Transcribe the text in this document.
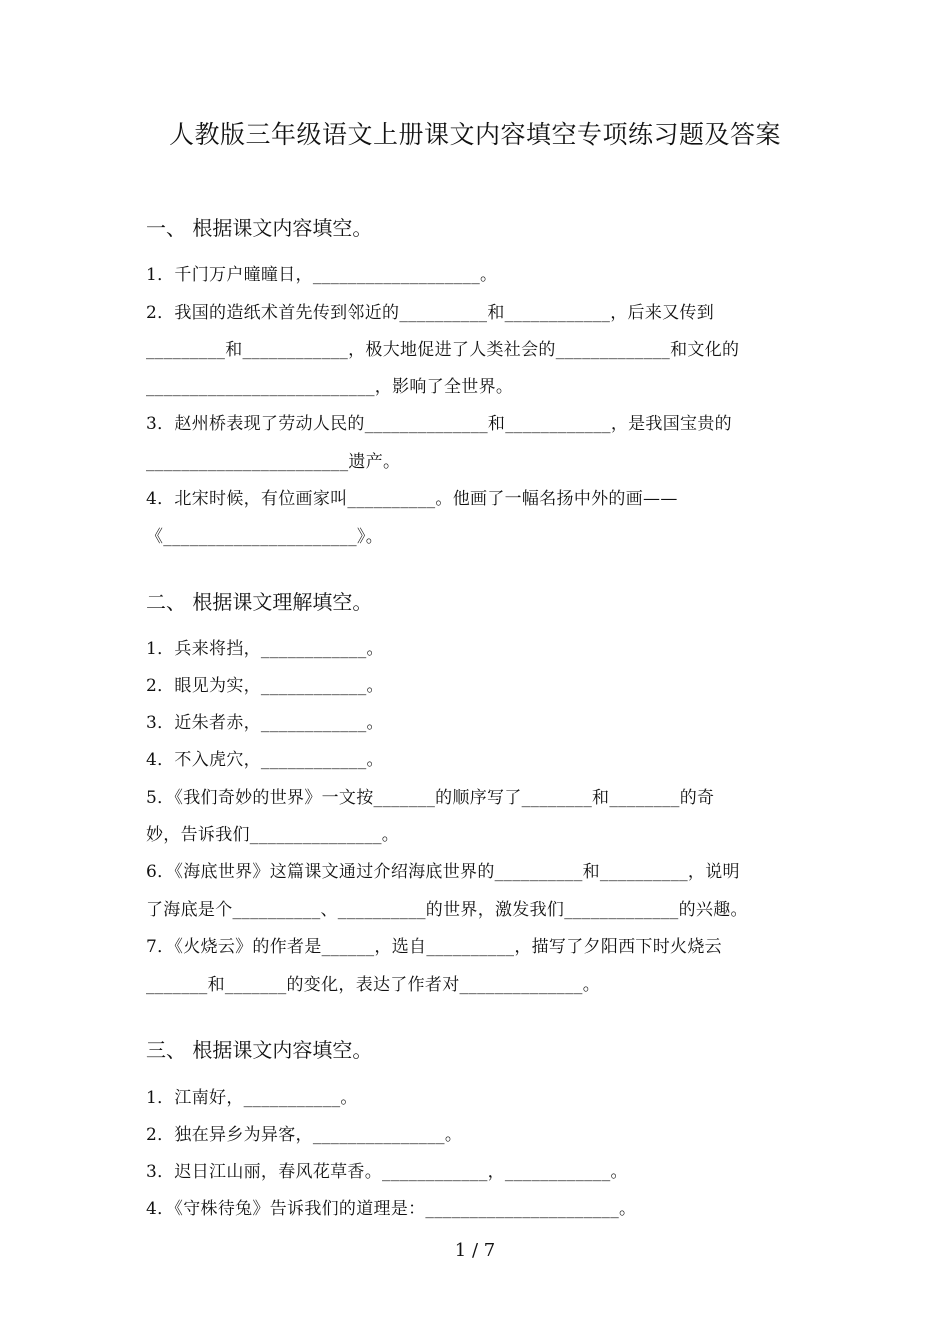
人教版三年级语文上册课文内容填空专项练习题及答案
一、 根据课文内容填空。
1．千门万户曈曈日，___________________。
2．我国的造纸术首先传到邻近的__________和____________，后来又传到
_________和____________，极大地促进了人类社会的_____________和文化的
__________________________，影响了全世界。
3．赵州桥表现了劳动人民的______________和____________，是我国宝贵的
_______________________遗产。
4．北宋时候，有位画家叫__________。他画了一幅名扬中外的画——
《______________________》。
二、 根据课文理解填空。
1．兵来将挡，____________。
2．眼见为实，____________。
3．近朱者赤，____________。
4．不入虎穴，____________。
5．《我们奇妙的世界》一文按_______的顺序写了________和________的奇
妙，告诉我们_______________。
6．《海底世界》这篇课文通过介绍海底世界的__________和__________，说明
了海底是个__________、__________的世界，激发我们_____________的兴趣。
7．《火烧云》的作者是______，选自__________，描写了夕阳西下时火烧云
_______和_______的变化，表达了作者对______________。
三、 根据课文内容填空。
1．江南好，___________。
2．独在异乡为异客，_______________。
3．迟日江山丽，春风花草香。____________，____________。
4．《守株待兔》告诉我们的道理是：______________________。
1 / 7
